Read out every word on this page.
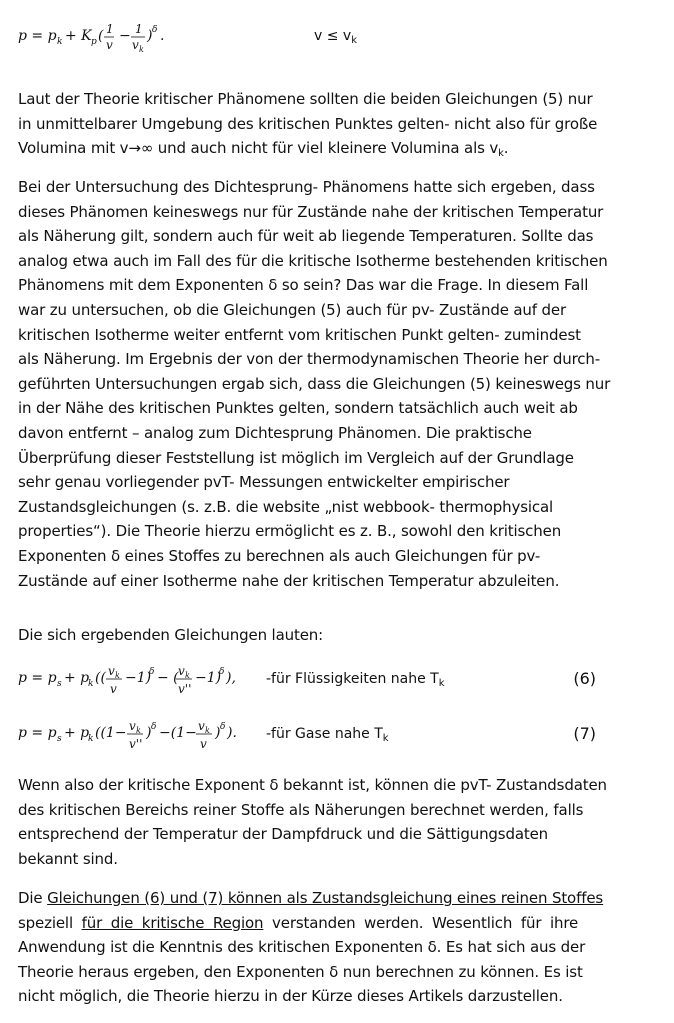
p = p k + K p ( 1
v
− 1
v k
) δ .	$v \le v_k$
Laut der Theorie kritischer Phänomene sollten die beiden Gleichungen (5) nur
in unmittelbarer Umgebung des kritischen Punktes gelten- nicht also für große
Volumina mit v→∞ und auch nicht für viel kleinere Volumina als $v_k$.
Bei der Untersuchung des Dichtesprung- Phänomens hatte sich ergeben, dass
dieses Phänomen keineswegs nur für Zustände nahe der kritischen Temperatur
als Näherung gilt, sondern auch für weit ab liegende Temperaturen. Sollte das
analog etwa auch im Fall des für die kritische Isotherme bestehenden kritischen
Phänomens mit dem Exponenten δ so sein? Das war die Frage. In diesem Fall
war zu untersuchen, ob die Gleichungen (5) auch für pv- Zustände auf der
kritischen Isotherme weiter entfernt vom kritischen Punkt gelten- zumindest
als Näherung. Im Ergebnis der von der thermodynamischen Theorie her durch-
geführten Untersuchungen ergab sich, dass die Gleichungen (5) keineswegs nur
in der Nähe des kritischen Punktes gelten, sondern tatsächlich auch weit ab
davon entfernt – analog zum Dichtesprung Phänomen. Die praktische
Überprüfung dieser Feststellung ist möglich im Vergleich auf der Grundlage
sehr genau vorliegender pvT- Messungen entwickelter empirischer
Zustandsgleichungen (s. z.B. die website „nist webbook- thermophysical
properties“). Die Theorie hierzu ermöglicht es z. B., sowohl den kritischen
Exponenten δ eines Stoffes zu berechnen als auch Gleichungen für pv-
Zustände auf einer Isotherme nahe der kritischen Temperatur abzuleiten.
Die sich ergebenden Gleichungen lauten:
p = p s + p
k (( v k
v
−1)
δ − ( v k
v''
−1)
δ ), -für Flüssigkeiten nahe $T_k$	(6)
p = p s + p
k ((1− v k
v''
) δ −(1− v k
v
) δ ). -für Gase nahe $T_k$	(7)
Wenn also der kritische Exponent δ bekannt ist, können die pvT- Zustandsdaten
des kritischen Bereichs reiner Stoffe als Näherungen berechnet werden, falls
entsprechend der Temperatur der Dampfdruck und die Sättigungsdaten
bekannt sind.
Die Gleichungen (6) und (7) können als Zustandsgleichung eines reinen Stoffes
speziell für die kritische Region verstanden werden. Wesentlich für ihre
Anwendung ist die Kenntnis des kritischen Exponenten δ. Es hat sich aus der
Theorie heraus ergeben, den Exponenten δ nun berechnen zu können. Es ist
nicht möglich, die Theorie hierzu in der Kürze dieses Artikels darzustellen.
